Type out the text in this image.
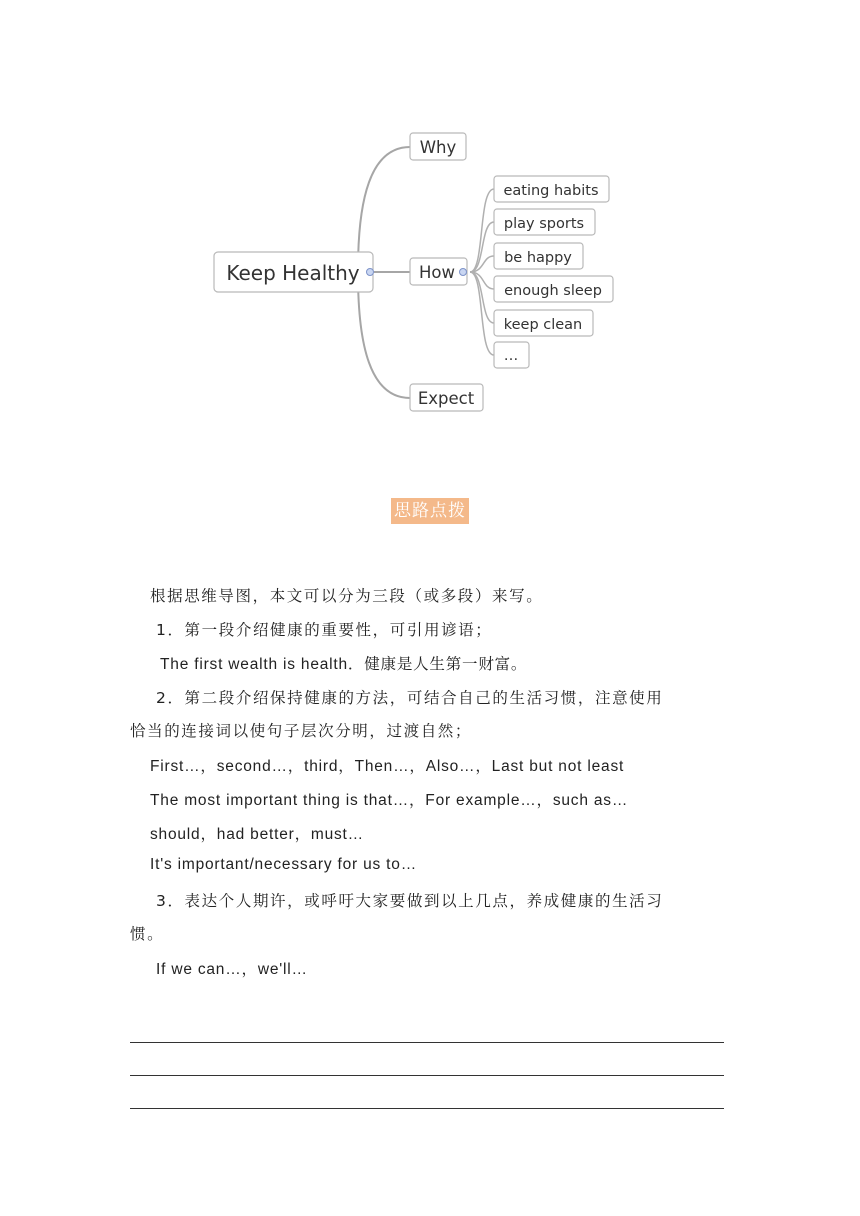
Keep Healthy
Why
How
Expect
eating habits
play sports
be happy
enough sleep
keep clean
…
思路点拨
根据思维导图，本文可以分为三段（或多段）来写。
1．第一段介绍健康的重要性，可引用谚语；
The first wealth is health．健康是人生第一财富。
2．第二段介绍保持健康的方法，可结合自己的生活习惯，注意使用
恰当的连接词以使句子层次分明，过渡自然；
First…，second…，third，Then…，Also…，Last but not least
The most important thing is that…，For example…，such as…
should，had better，must…
It's important/necessary for us to…
3．表达个人期许，或呼吁大家要做到以上几点，养成健康的生活习
惯。
If we can…，we'll…
